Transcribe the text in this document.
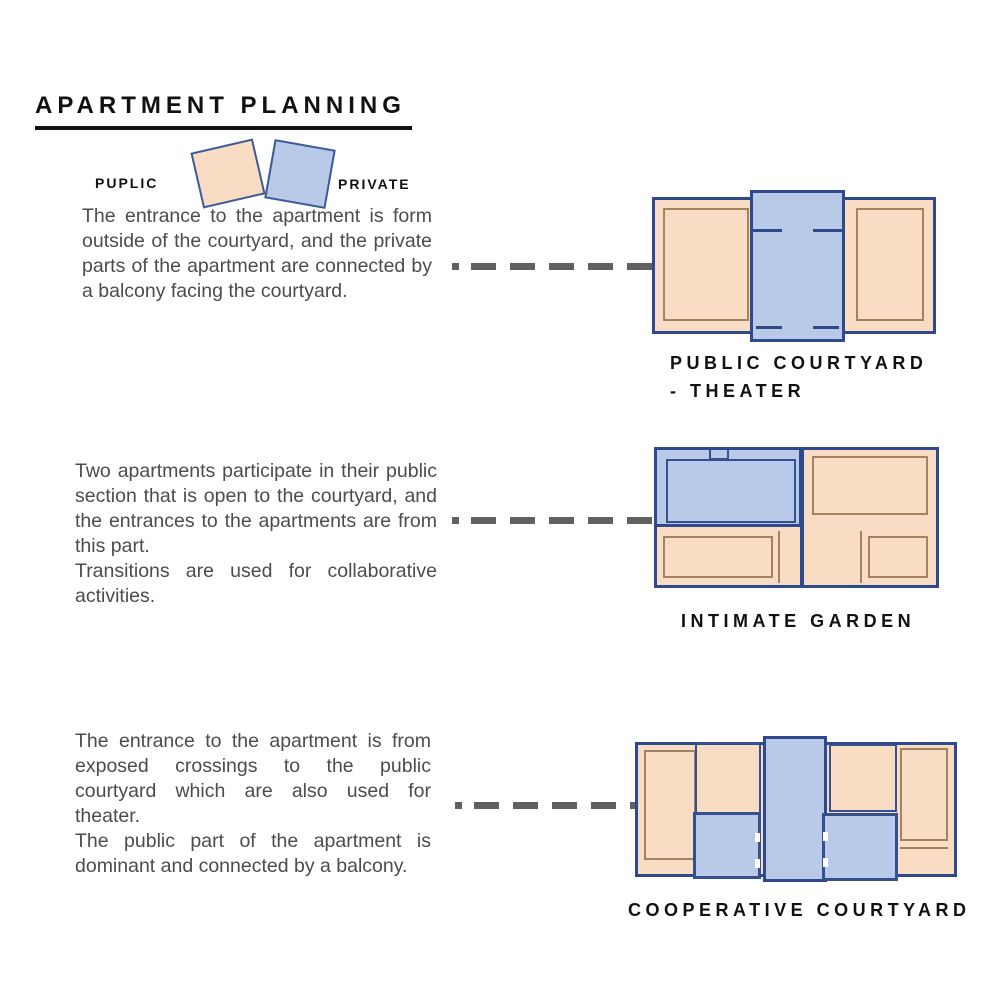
APARTMENT PLANNING
PUPLIC	PRIVATE

The entrance to the apartment is form outside of the courtyard, and the private parts of the apartment are connected by a balcony facing the courtyard.

PUBLIC COURTYARD
- THEATER

Two apartments participate in their public section that is open to the courtyard, and the entrances to the apartments are from this part.

Transitions are used for collaborative activities.

INTIMATE GARDEN

The entrance to the apartment is from exposed crossings to the public courtyard which are also used for theater.

The public part of the apartment is dominant and connected by a balcony.

COOPERATIVE COURTYARD
